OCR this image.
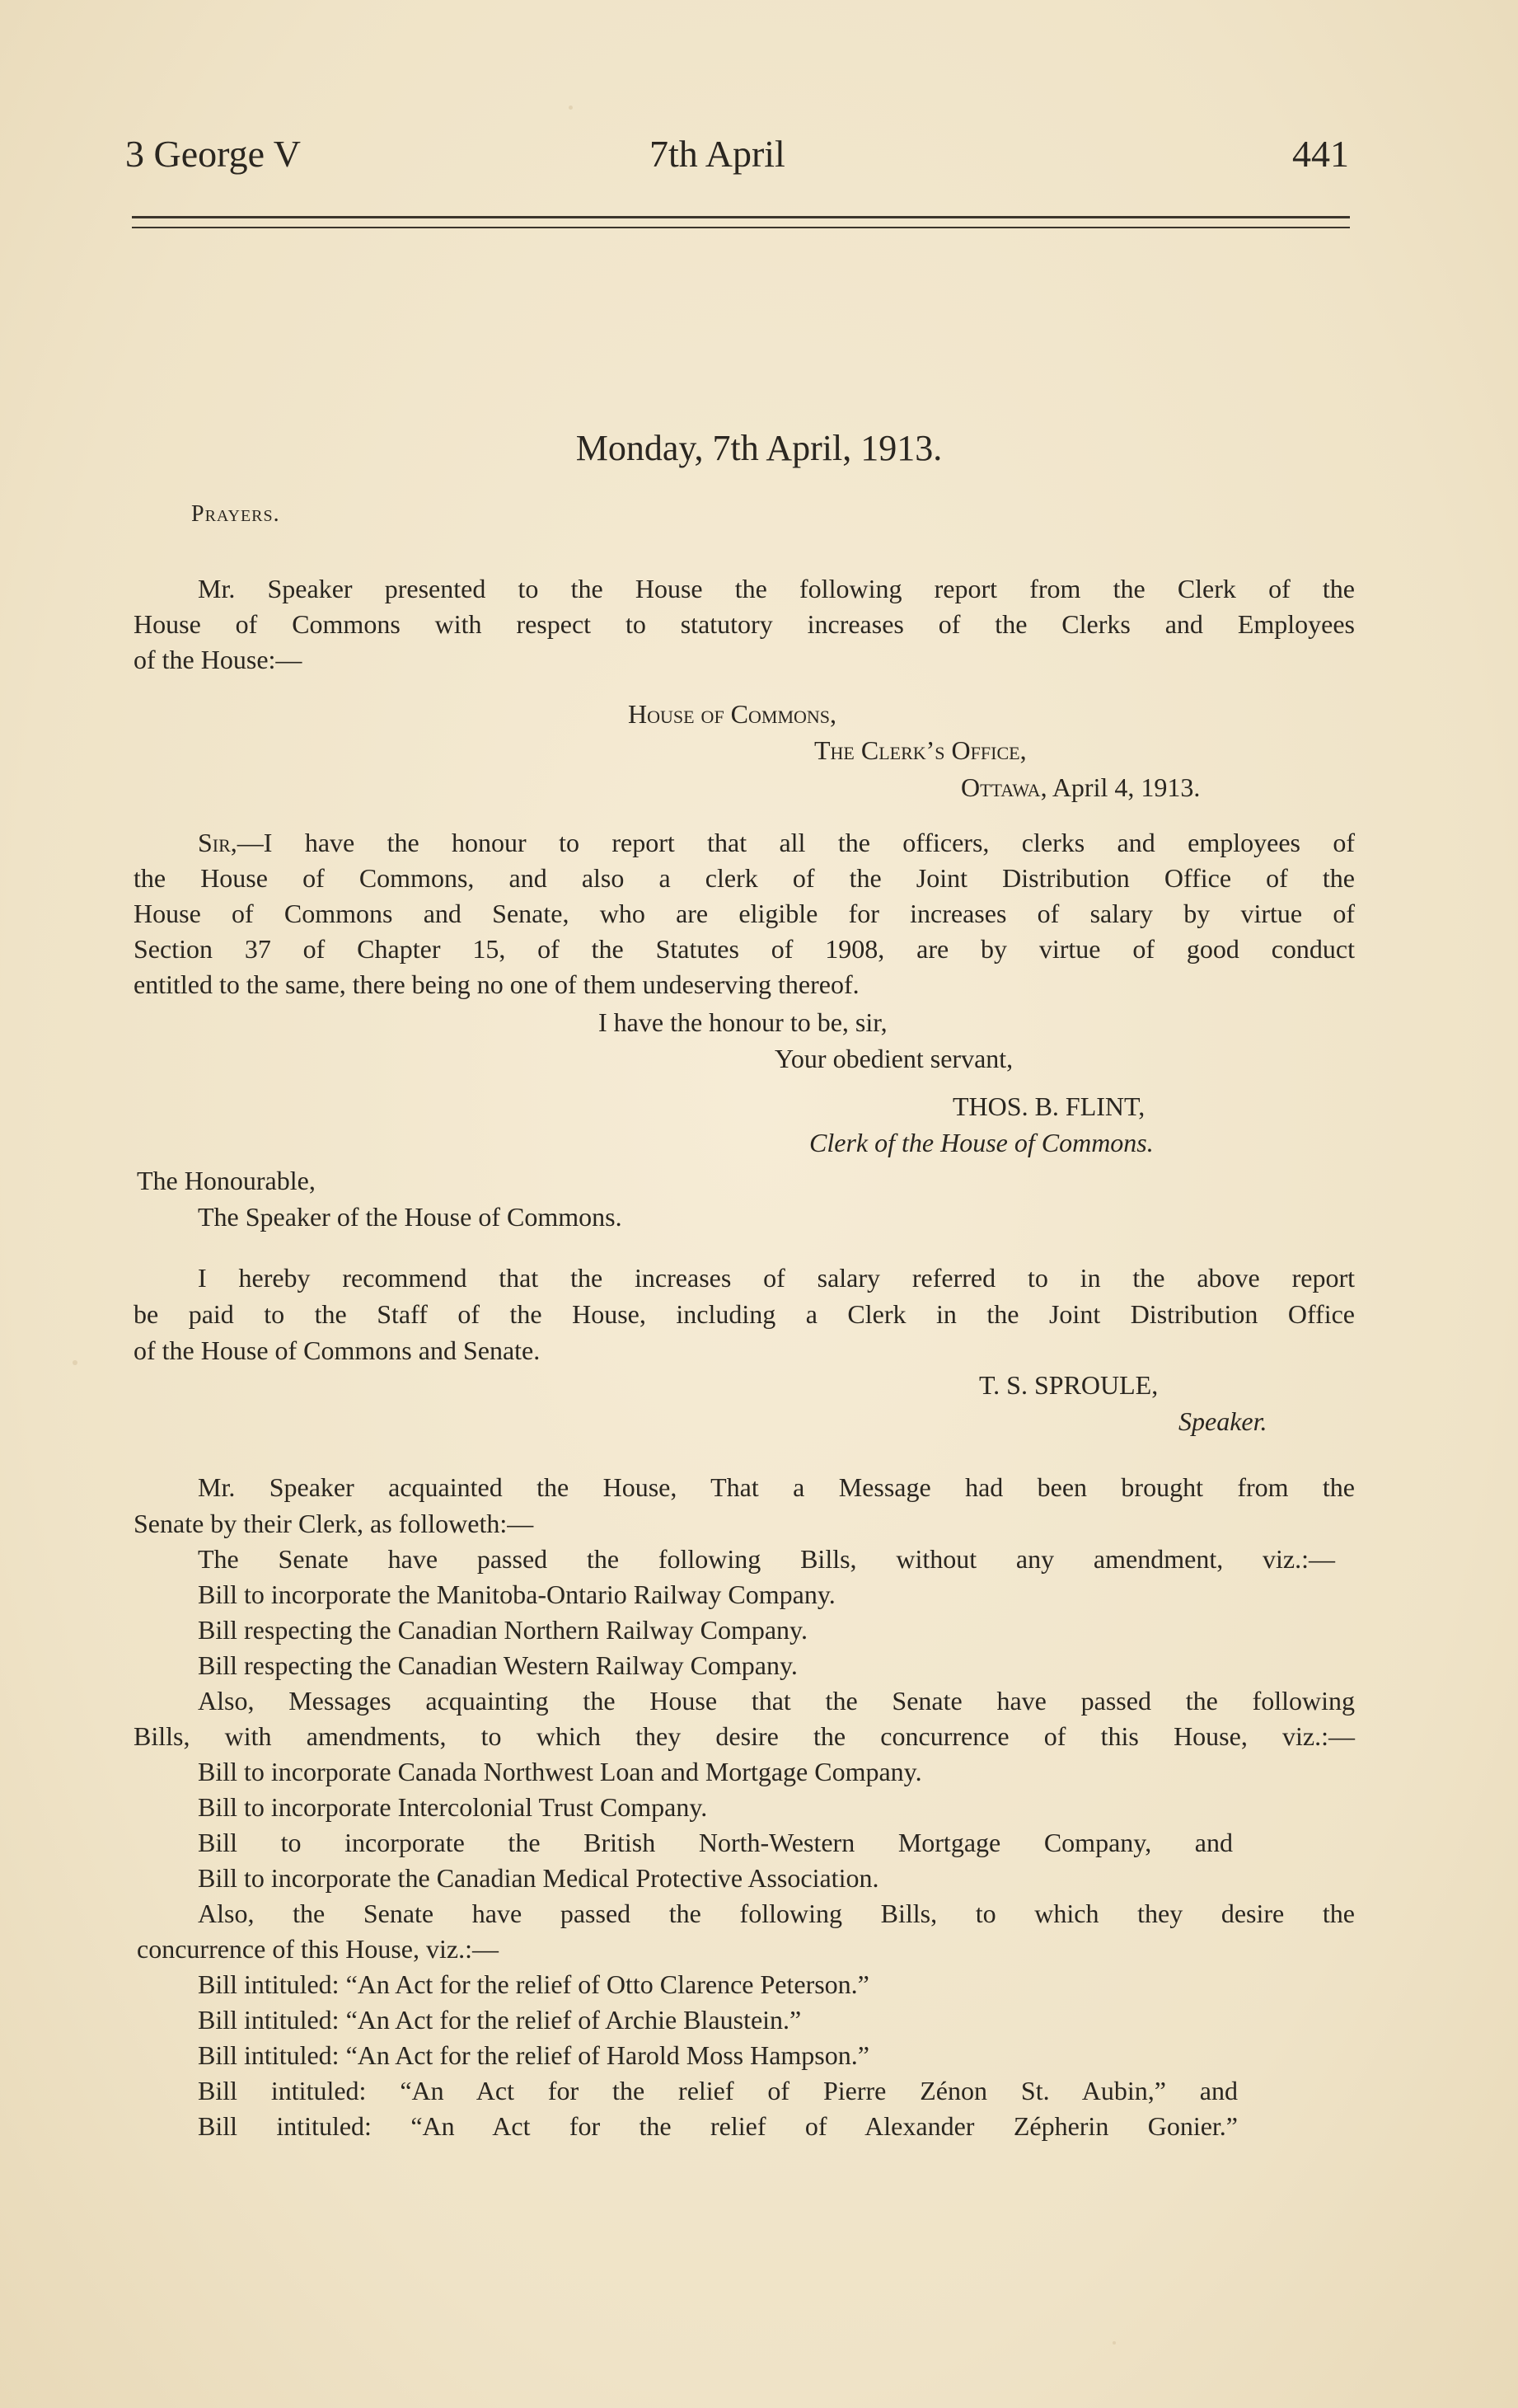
3 George V	7th April	441
Monday, 7th April, 1913.
Prayers.
Mr. Speaker presented to the House the following report from the Clerk of the
House of Commons with respect to statutory increases of the Clerks and Employees
of the House:—
House of Commons,
The Clerk’s Office,
Ottawa, April 4, 1913.
Sir,—I have the honour to report that all the officers, clerks and employees of
the House of Commons, and also a clerk of the Joint Distribution Office of the
House of Commons and Senate, who are eligible for increases of salary by virtue of
Section 37 of Chapter 15, of the Statutes of 1908, are by virtue of good conduct
entitled to the same, there being no one of them undeserving thereof.
I have the honour to be, sir,
Your obedient servant,
THOS. B. FLINT,
Clerk of the House of Commons.
The Honourable,
The Speaker of the House of Commons.
I hereby recommend that the increases of salary referred to in the above report
be paid to the Staff of the House, including a Clerk in the Joint Distribution Office
of the House of Commons and Senate.
T. S. SPROULE,
Speaker.
Mr. Speaker acquainted the House, That a Message had been brought from the
Senate by their Clerk, as followeth:—
The Senate have passed the following Bills, without any amendment, viz.:—
Bill to incorporate the Manitoba-Ontario Railway Company.
Bill respecting the Canadian Northern Railway Company.
Bill respecting the Canadian Western Railway Company.
Also, Messages acquainting the House that the Senate have passed the following
Bills, with amendments, to which they desire the concurrence of this House, viz.:—
Bill to incorporate Canada Northwest Loan and Mortgage Company.
Bill to incorporate Intercolonial Trust Company.
Bill to incorporate the British North-Western Mortgage Company, and
Bill to incorporate the Canadian Medical Protective Association.
Also, the Senate have passed the following Bills, to which they desire the
concurrence of this House, viz.:—
Bill intituled: “An Act for the relief of Otto Clarence Peterson.”
Bill intituled: “An Act for the relief of Archie Blaustein.”
Bill intituled: “An Act for the relief of Harold Moss Hampson.”
Bill intituled: “An Act for the relief of Pierre Zénon St. Aubin,” and
Bill intituled: “An Act for the relief of Alexander Zépherin Gonier.”
